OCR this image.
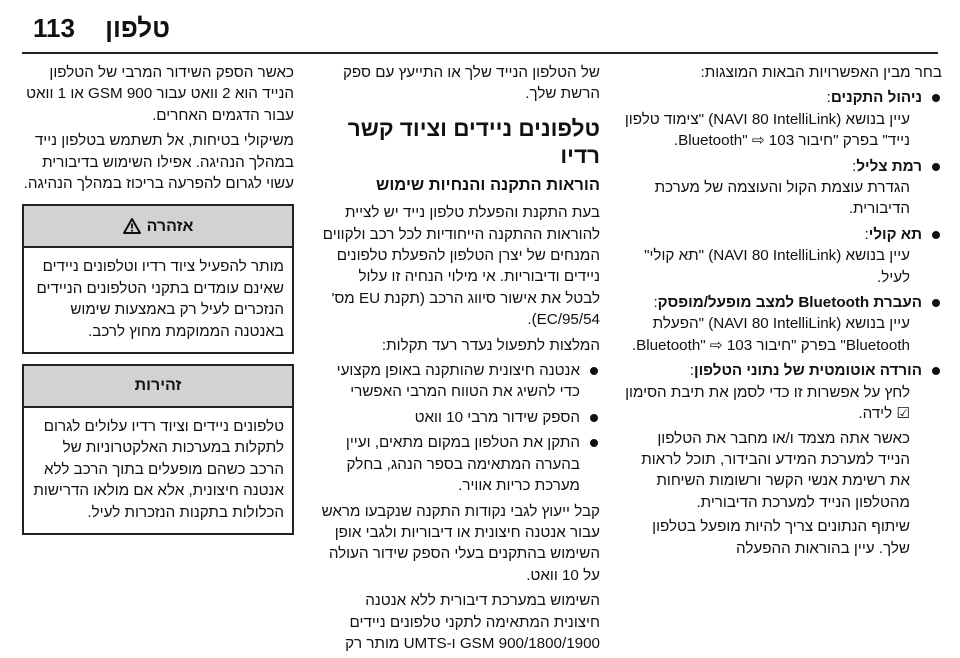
113 טלפון

בחר מבין האפשרויות הבאות המוצגות:

ניהול התקנים:
עיין בנושא (NAVI 80 IntelliLink) "צימוד טלפון נייד" בפרק "חיבור Bluetooth" ⇨ 103.
רמת צליל:
הגדרת עוצמת הקול והעוצמה של מערכת הדיבורית.
תא קולי:
עיין בנושא (NAVI 80 IntelliLink) "תא קולי" לעיל.
העברת Bluetooth למצב מופעל/מופסק:
עיין בנושא (NAVI 80 IntelliLink) "הפעלת Bluetooth" בפרק "חיבור Bluetooth" ⇨ 103.
הורדה אוטומטית של נתוני הטלפון:
לחץ על אפשרות זו כדי לסמן את תיבת הסימון ☑ לידה.
כאשר אתה מצמד ו/או מחבר את הטלפון הנייד למערכת המידע והבידור, תוכל לראות את רשימת אנשי הקשר ורשומות השיחות מהטלפון הנייד למערכת הדיבורית.
שיתוף הנתונים צריך להיות מופעל בטלפון שלך. עיין בהוראות ההפעלה

של הטלפון הנייד שלך או התייעץ עם ספק הרשת שלך.

טלפונים ניידים וציוד קשר רדיו
הוראות התקנה והנחיות שימוש

בעת התקנת והפעלת טלפון נייד יש לציית להוראות ההתקנה הייחודיות לכל רכב ולקווים המנחים של יצרן הטלפון להפעלת טלפונים ניידים ודיבוריות. אי מילוי הנחיה זו עלול לבטל את אישור סיווג הרכב (תקנת EU מס' 95/54/EC).

המלצות לתפעול נעדר רעד תקלות:

אנטנה חיצונית שהותקנה באופן מקצועי כדי להשיג את הטווח המרבי האפשרי
הספק שידור מרבי 10 וואט
התקן את הטלפון במקום מתאים, ועיין בהערה המתאימה בספר הנהג, בחלק מערכת כריות אוויר.

קבל ייעוץ לגבי נקודות התקנה שנקבעו מראש עבור אנטנה חיצונית או דיבוריות ולגבי אופן השימוש בהתקנים בעלי הספק שידור העולה על 10 וואט.

השימוש במערכת דיבורית ללא אנטנה חיצונית המתאימה לתקני טלפונים ניידים GSM 900/1800/1900 ו-UMTS מותר רק

כאשר הספק השידור המרבי של הטלפון הנייד הוא 2 וואט עבור GSM 900 או 1 וואט עבור הדגמים האחרים.

משיקולי בטיחות, אל תשתמש בטלפון נייד במהלך הנהיגה. אפילו השימוש בדיבורית עשוי לגרום להפרעה בריכוז במהלך הנהיגה.

אזהרה
מותר להפעיל ציוד רדיו וטלפונים ניידים שאינם עומדים בתקני הטלפונים הניידים הנזכרים לעיל רק באמצעות שימוש באנטנה הממוקמת מחוץ לרכב.
זהירות
טלפונים ניידים וציוד רדיו עלולים לגרום לתקלות במערכות האלקטרוניות של הרכב כשהם מופעלים בתוך הרכב ללא אנטנה חיצונית, אלא אם מולאו הדרישות הכלולות בתקנות הנזכרות לעיל.
